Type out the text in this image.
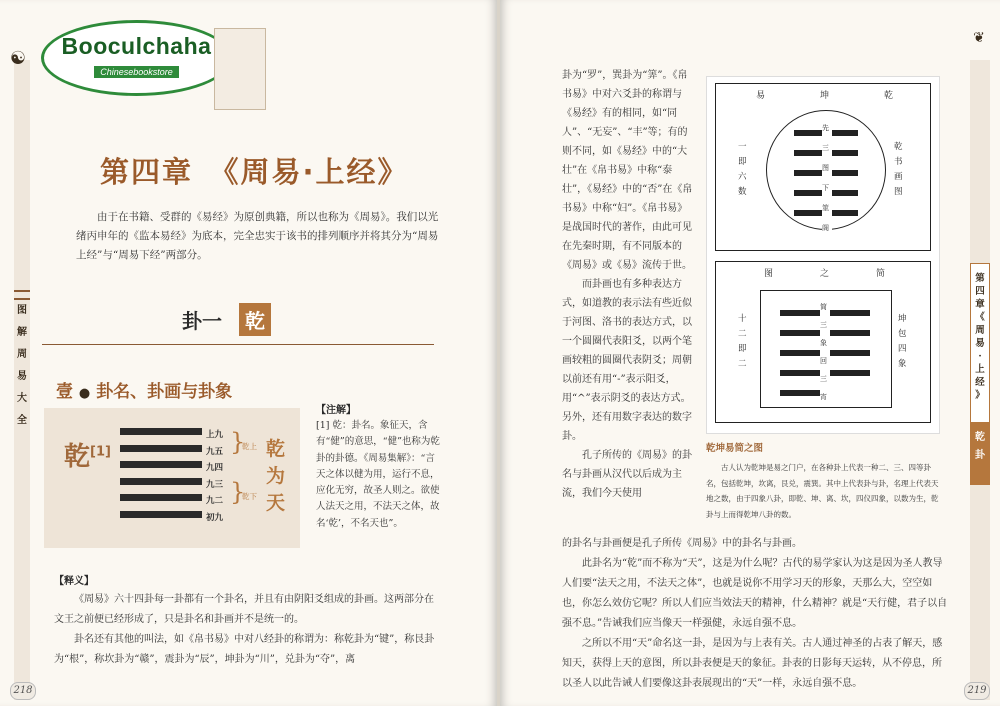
☯
图
解
周
易
大
全
Booculchaha
Chinesebookstore
第四章　《周易·上经》
由于在书籍、受群的《易经》为原创典籍，所以也称为《周易》。我们以光绪丙申年的《监本易经》为底本，完全忠实于该书的排列顺序并将其分为“周易上经”与“周易下经”两部分。
卦一 乾
壹 ● 卦名、卦画与卦象
乾[1]
上九
九五
九四
九三
九二
初九
}
乾上
}
乾下
乾为天
【注解】
[1] 乾：卦名。象征天，含有“健”的意思，“健”也称为乾卦的卦德。《周易集解》：“言天之体以健为用，运行不息，应化无穷，故圣人则之。欲使人法天之用，不法天之体，故名‘乾’，不名天也”。
【释义】

《周易》六十四卦每一卦都有一个卦名，并且有由阴阳爻组成的卦画。这两部分在文王之前便已经形成了，只是卦名和卦画并不是统一的。

卦名还有其他的叫法，如《帛书易》中对八经卦的称谓为：称乾卦为“键”，称艮卦为“根”，称坎卦为“赣”，震卦为“辰”，坤卦为“川”，兑卦为“夺”，离

218
❦
第
四
章
《
周
易
·
上
经
》
乾
卦

卦为“罗”，巽卦为“筭”。《帛书易》中对六爻卦的称谓与《易经》有的相同，如“同人”、“无妄”、“丰”等；有的则不同，如《易经》中的“大壮”在《帛书易》中称“泰壮”，《易经》中的“否”在《帛书易》中称“妇”。《帛书易》是战国时代的著作，由此可见在先秦时期，有不同版本的《周易》或《易》流传于世。

而卦画也有多种表达方式，如道教的表示法有些近似于河图、洛书的表达方式，以一个圆圈代表阳爻，以两个笔画较粗的圆圈代表阴爻；周朝以前还有用“-”表示阳爻，用“^”表示阴爻的表达方式。另外，还有用数字表达的数字卦。

孔子所传的《周易》的卦名与卦画从汉代以后成为主流，我们今天使用

易	坤	乾
一
即
六
数
乾
书
画
图
先
三
图
下
筮
阁
图	之	简
十
二
即
二
坤
包
四
象
简
三
象
回
三
宵
乾坤易简之图
古人认为乾坤是易之门户，在各种卦上代表一种二、三、四等卦名，包括乾坤，坎离，艮兑，震巽。其中上代表卦与卦，名理上代表天地之数，由于四象八卦，即乾、坤、离、坎，四仪四象，以数为生，乾卦与上而得乾坤八卦的数。

的卦名与卦画便是孔子所传《周易》中的卦名与卦画。

此卦名为“乾”而不称为“天”，这是为什么呢？古代的易学家认为这是因为圣人教导人们要“法天之用，不法天之体”，也就是说你不用学习天的形象，天那么大，空空如也，你怎么效仿它呢？所以人们应当效法天的精神，什么精神？就是“天行健，君子以自强不息。”告诫我们应当像天一样强健，永远自强不息。

之所以不用“天”命名这一卦，是因为与上表有关。古人通过神圣的占表了解天，感知天，获得上天的意图，所以卦表便是天的象征。卦表的日影每天运转，从不停息，所以圣人以此告诫人们要像这卦表展现出的“天”一样，永远自强不息。

219
